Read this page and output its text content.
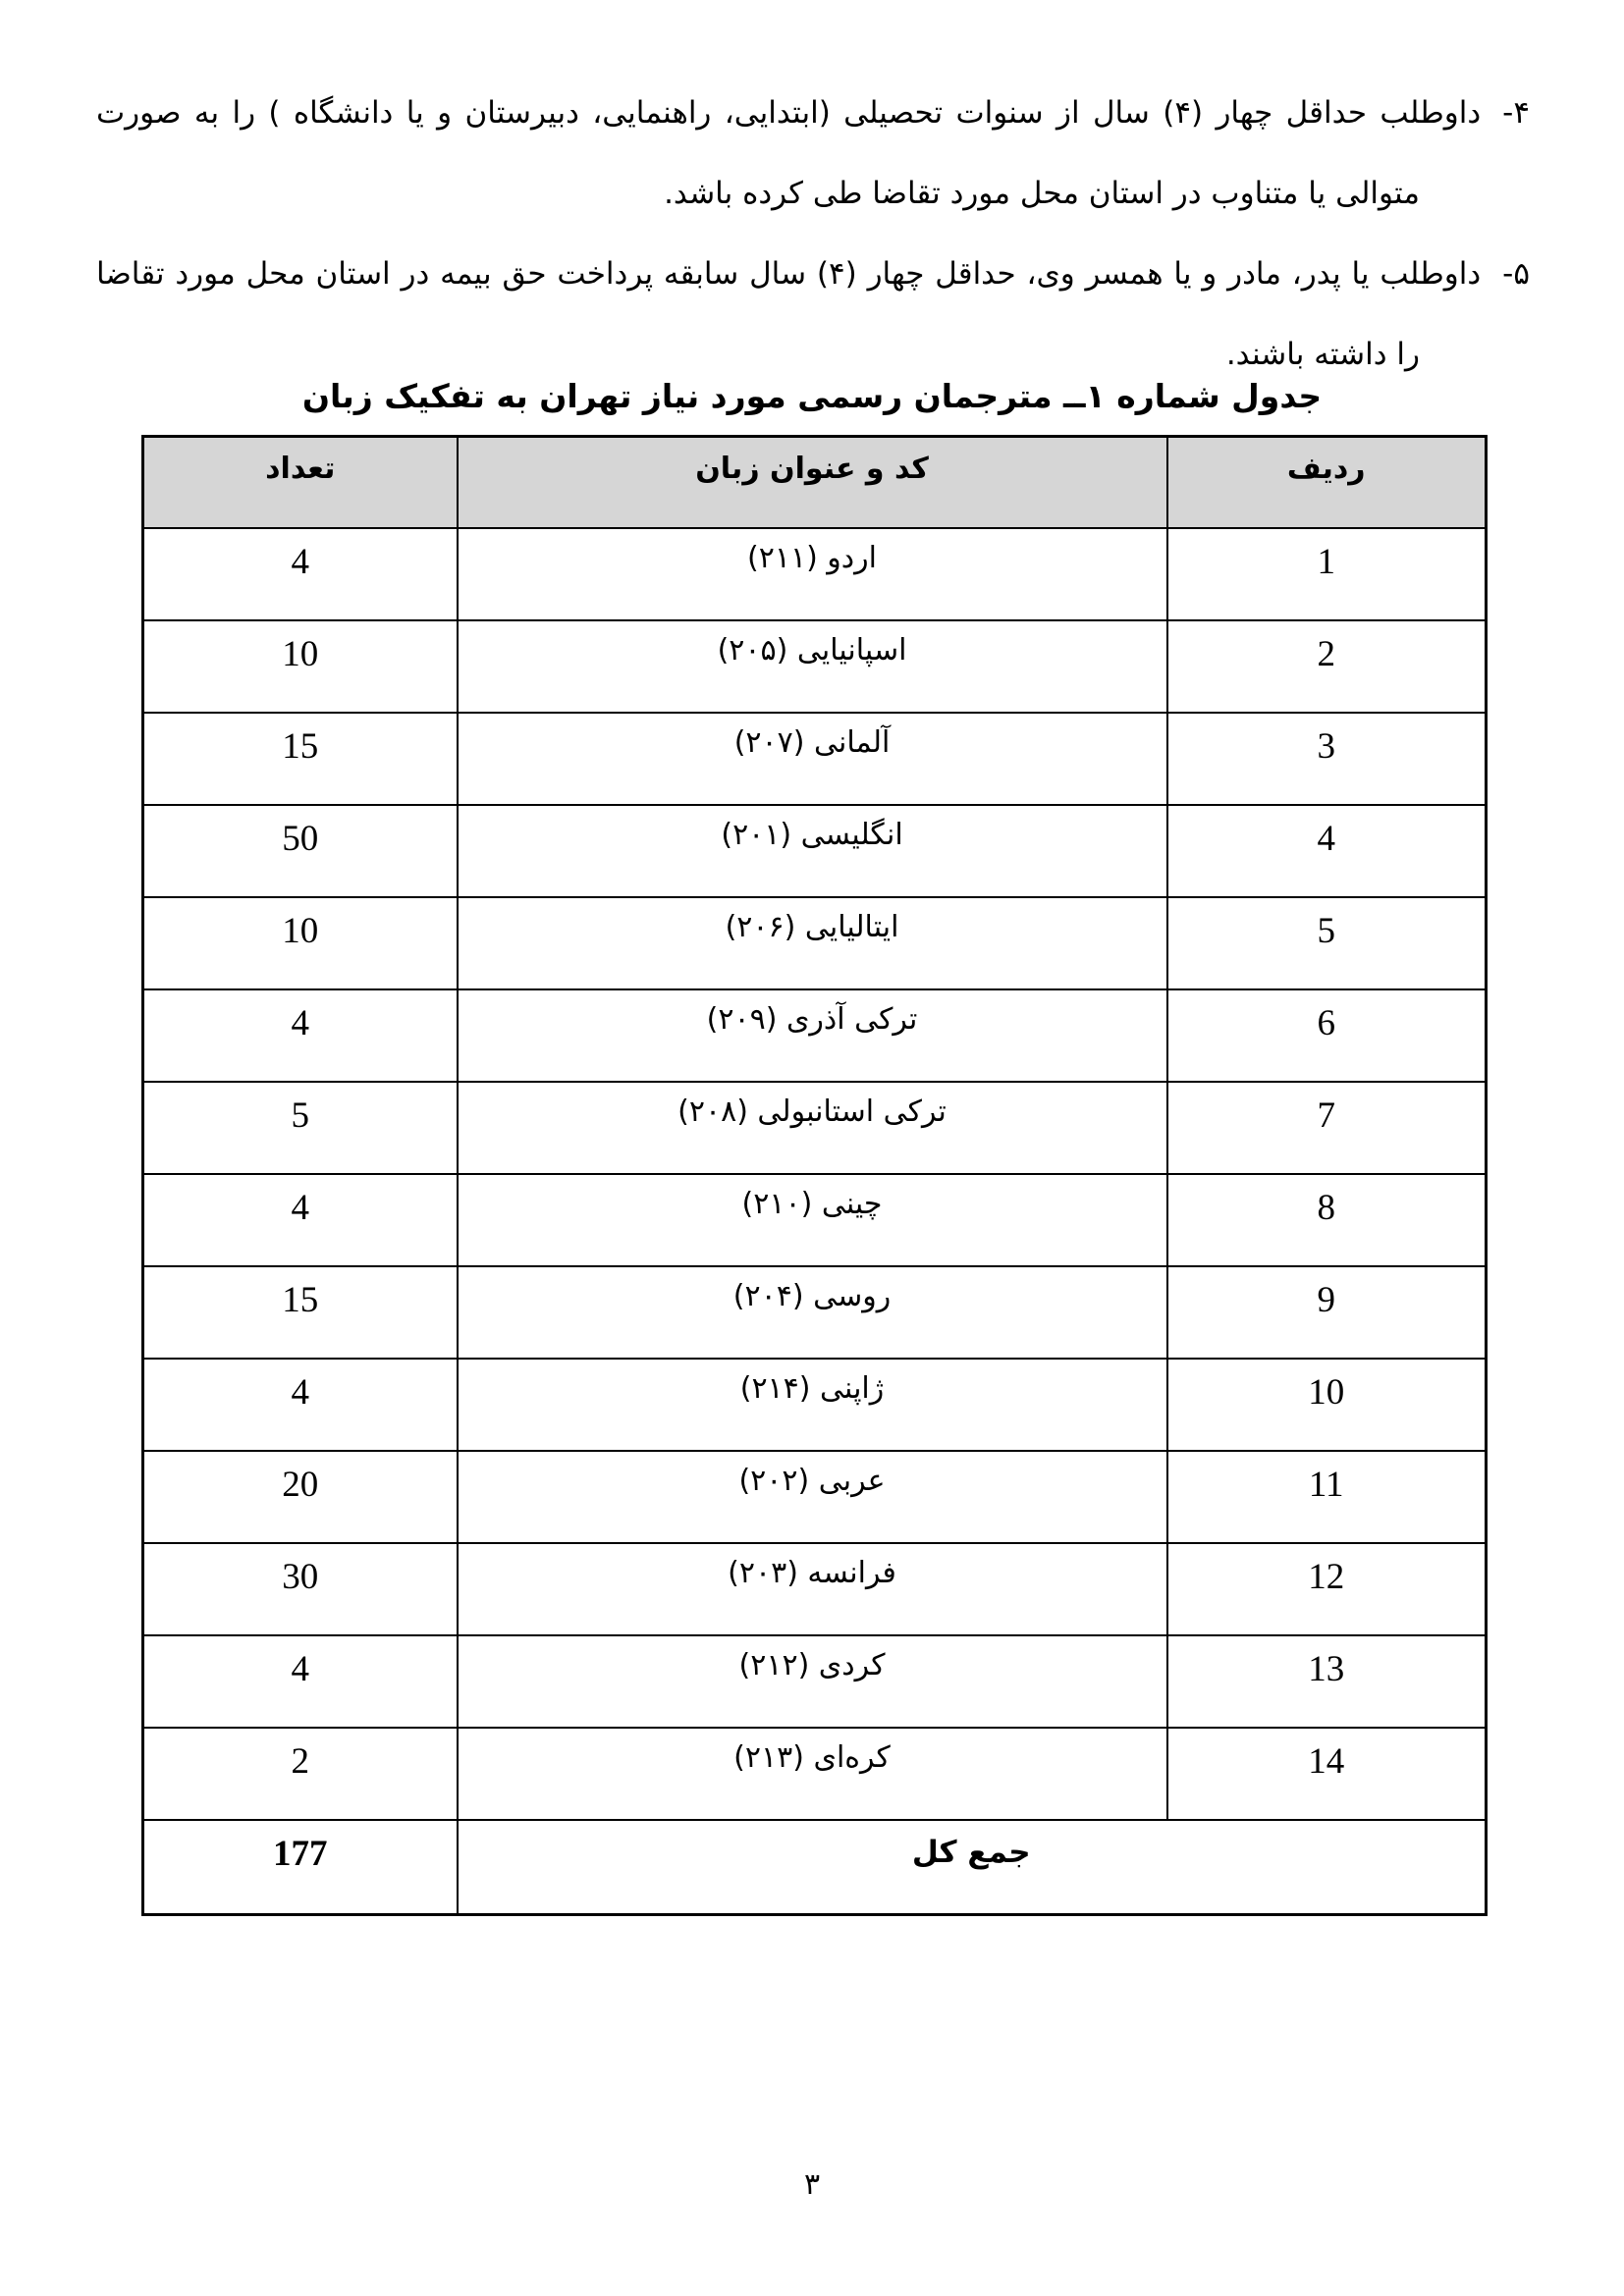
۴-داوطلب حداقل چهار (۴) سال از سنوات تحصیلی (ابتدایی، راهنمایی، دبیرستان و یا دانشگاه ) را به صورت متوالی یا متناوب در استان محل مورد تقاضا طی کرده باشد.

۵-داوطلب یا پدر، مادر و یا همسر وی، حداقل چهار (۴) سال سابقه پرداخت حق بیمه در استان محل مورد تقاضا را داشته باشند.

جدول شماره ۱ــ مترجمان رسمی مورد نیاز تهران به تفکیک زبان
ردیف	کد و عنوان زبان	تعداد
1	اردو (۲۱۱)	4
2	اسپانیایی (۲۰۵)	10
3	آلمانی (۲۰۷)	15
4	انگلیسی (۲۰۱)	50
5	ایتالیایی (۲۰۶)	10
6	ترکی آذری (۲۰۹)	4
7	ترکی استانبولی (۲۰۸)	5
8	چینی (۲۱۰)	4
9	روسی (۲۰۴)	15
10	ژاپنی (۲۱۴)	4
11	عربی (۲۰۲)	20
12	فرانسه (۲۰۳)	30
13	کردی (۲۱۲)	4
14	کره‌ای (۲۱۳)	2
جمع کل		177
۳
